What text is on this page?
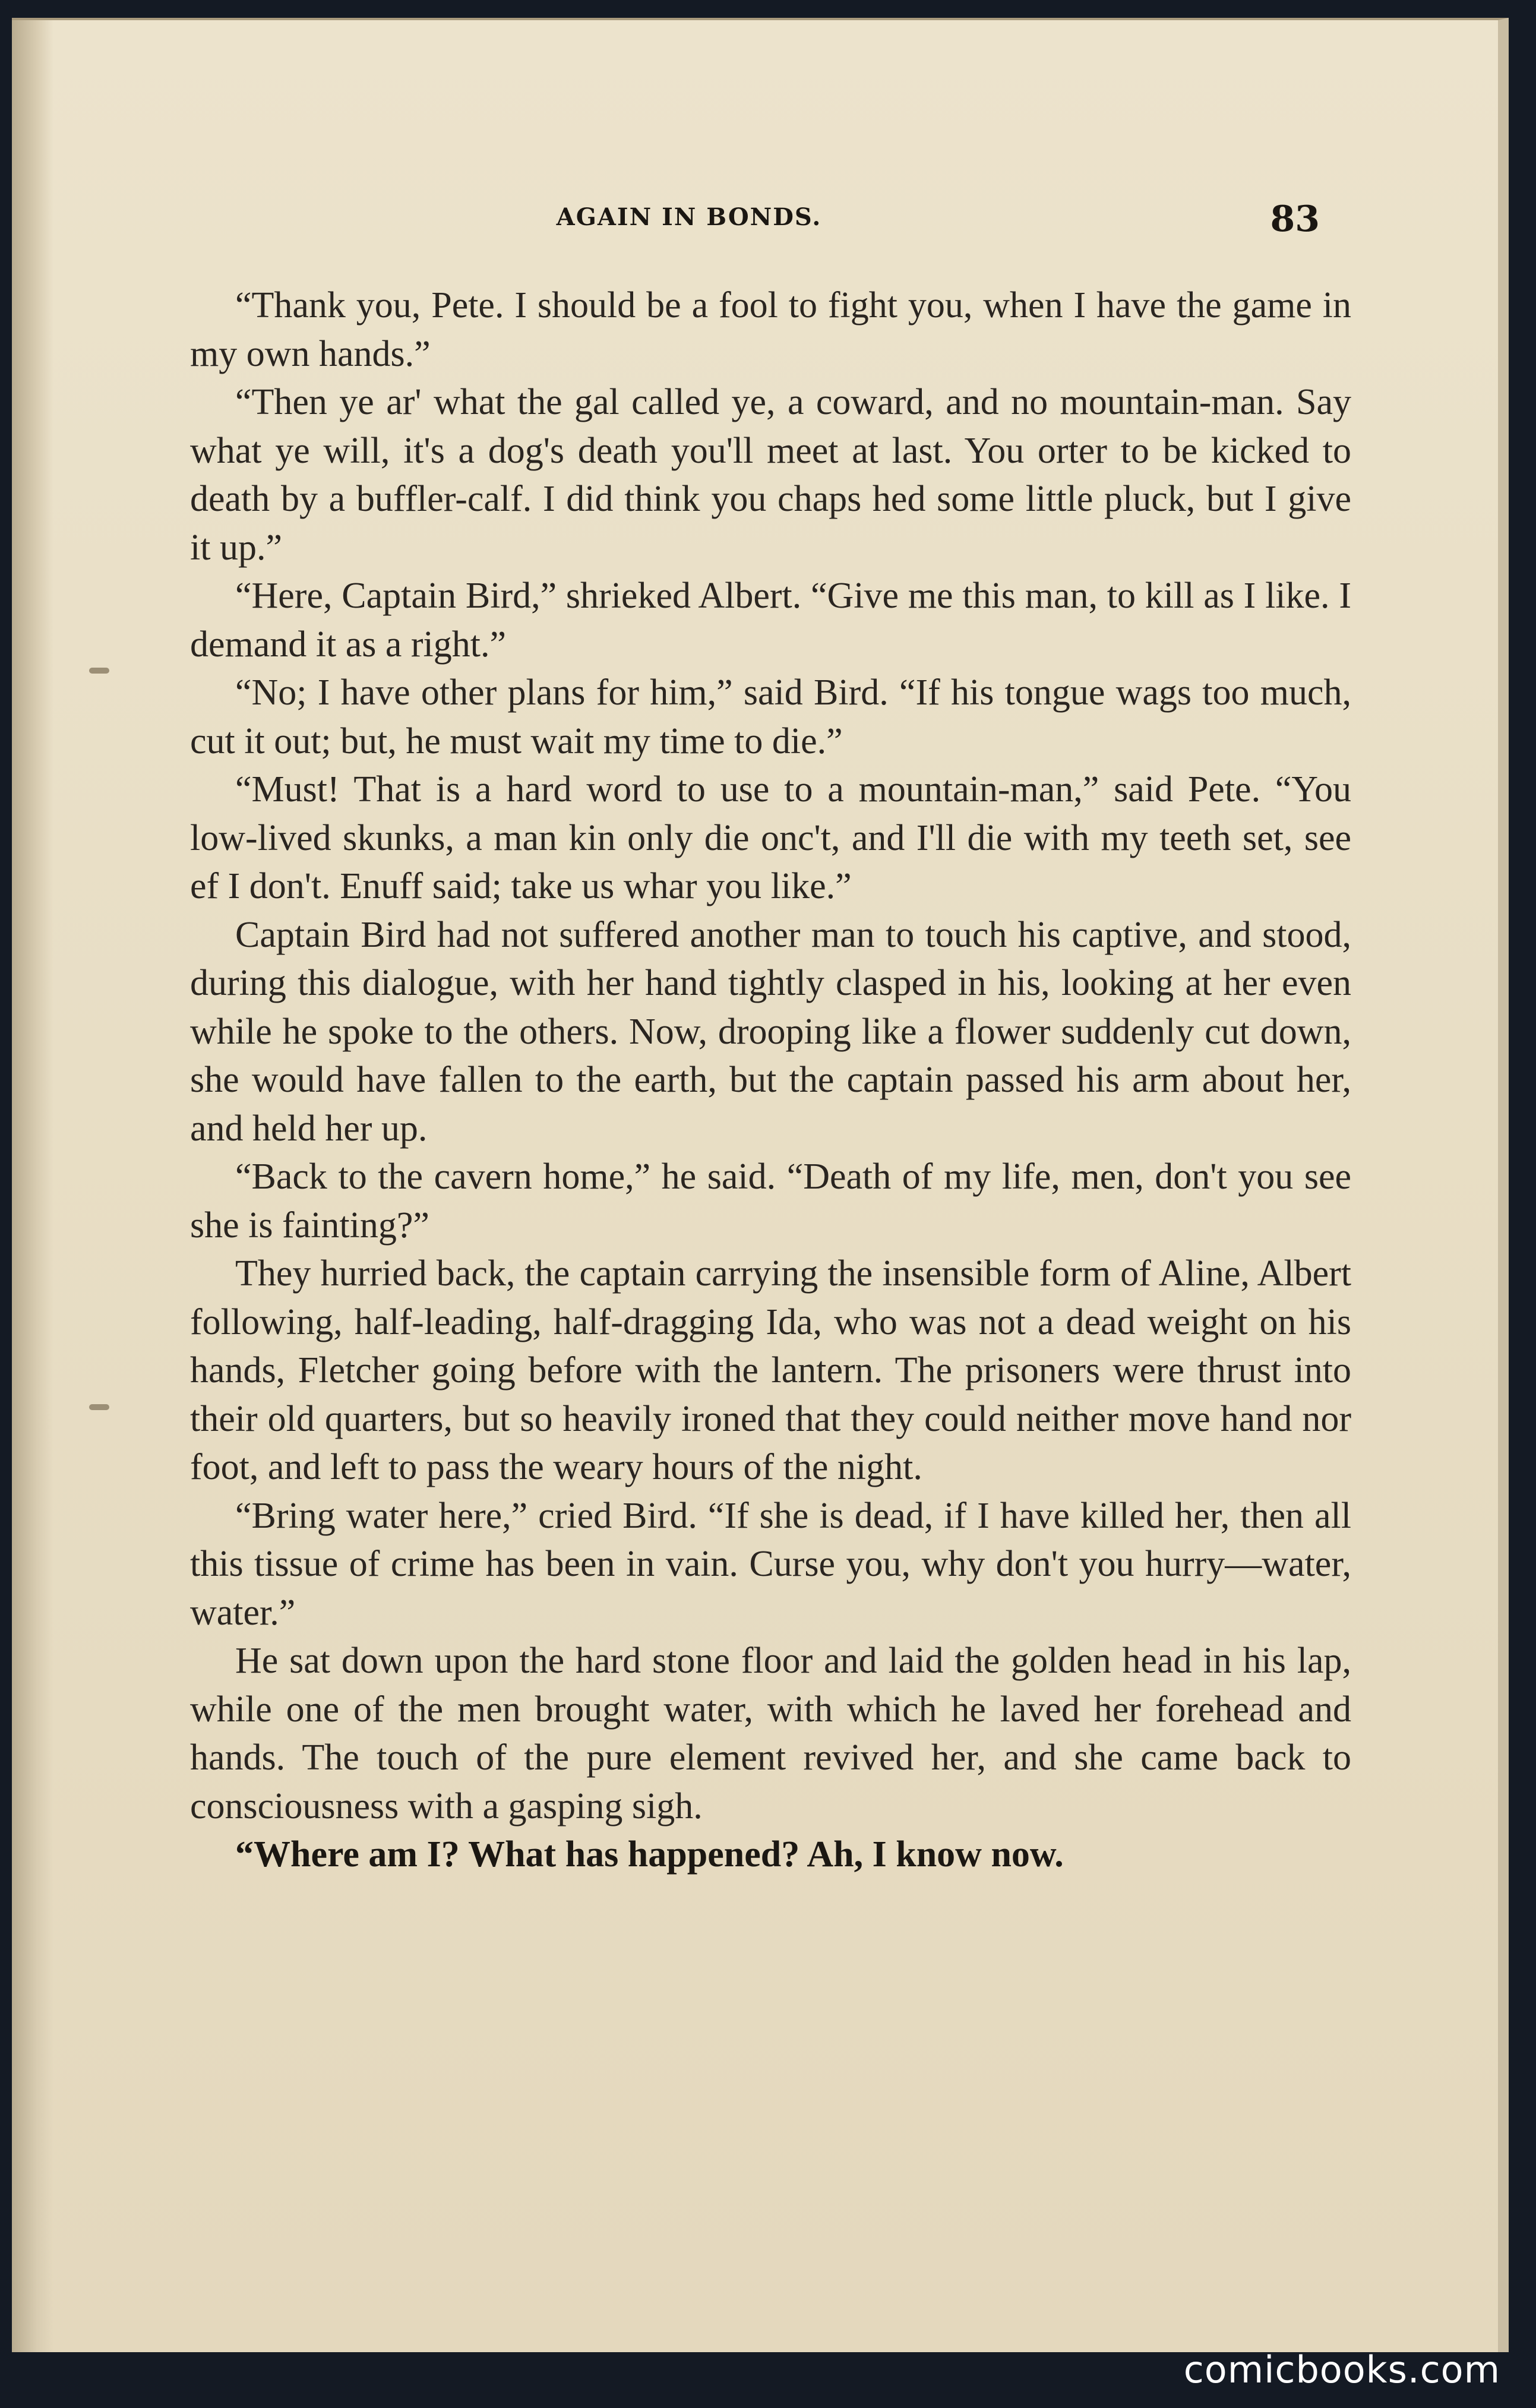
AGAIN IN BONDS.	83

“Thank you, Pete. I should be a fool to fight you, when I have the game in my own hands.”

“Then ye ar' what the gal called ye, a coward, and no mountain-man. Say what ye will, it's a dog's death you'll meet at last. You orter to be kicked to death by a buffler-calf. I did think you chaps hed some little pluck, but I give it up.”

“Here, Captain Bird,” shrieked Albert. “Give me this man, to kill as I like. I demand it as a right.”

“No; I have other plans for him,” said Bird. “If his tongue wags too much, cut it out; but, he must wait my time to die.”

“Must! That is a hard word to use to a mountain-man,” said Pete. “You low-lived skunks, a man kin only die onc't, and I'll die with my teeth set, see ef I don't. Enuff said; take us whar you like.”

Captain Bird had not suffered another man to touch his captive, and stood, during this dialogue, with her hand tightly clasped in his, looking at her even while he spoke to the others. Now, drooping like a flower suddenly cut down, she would have fallen to the earth, but the captain passed his arm about her, and held her up.

“Back to the cavern home,” he said. “Death of my life, men, don't you see she is fainting?”

They hurried back, the captain carrying the insensible form of Aline, Albert following, half-leading, half-dragging Ida, who was not a dead weight on his hands, Fletcher going before with the lantern. The prisoners were thrust into their old quarters, but so heavily ironed that they could neither move hand nor foot, and left to pass the weary hours of the night.

“Bring water here,” cried Bird. “If she is dead, if I have killed her, then all this tissue of crime has been in vain. Curse you, why don't you hurry—water, water.”

He sat down upon the hard stone floor and laid the golden head in his lap, while one of the men brought water, with which he laved her forehead and hands. The touch of the pure element revived her, and she came back to consciousness with a gasping sigh.

“Where am I? What has happened? Ah, I know now.

comicbooks.com
